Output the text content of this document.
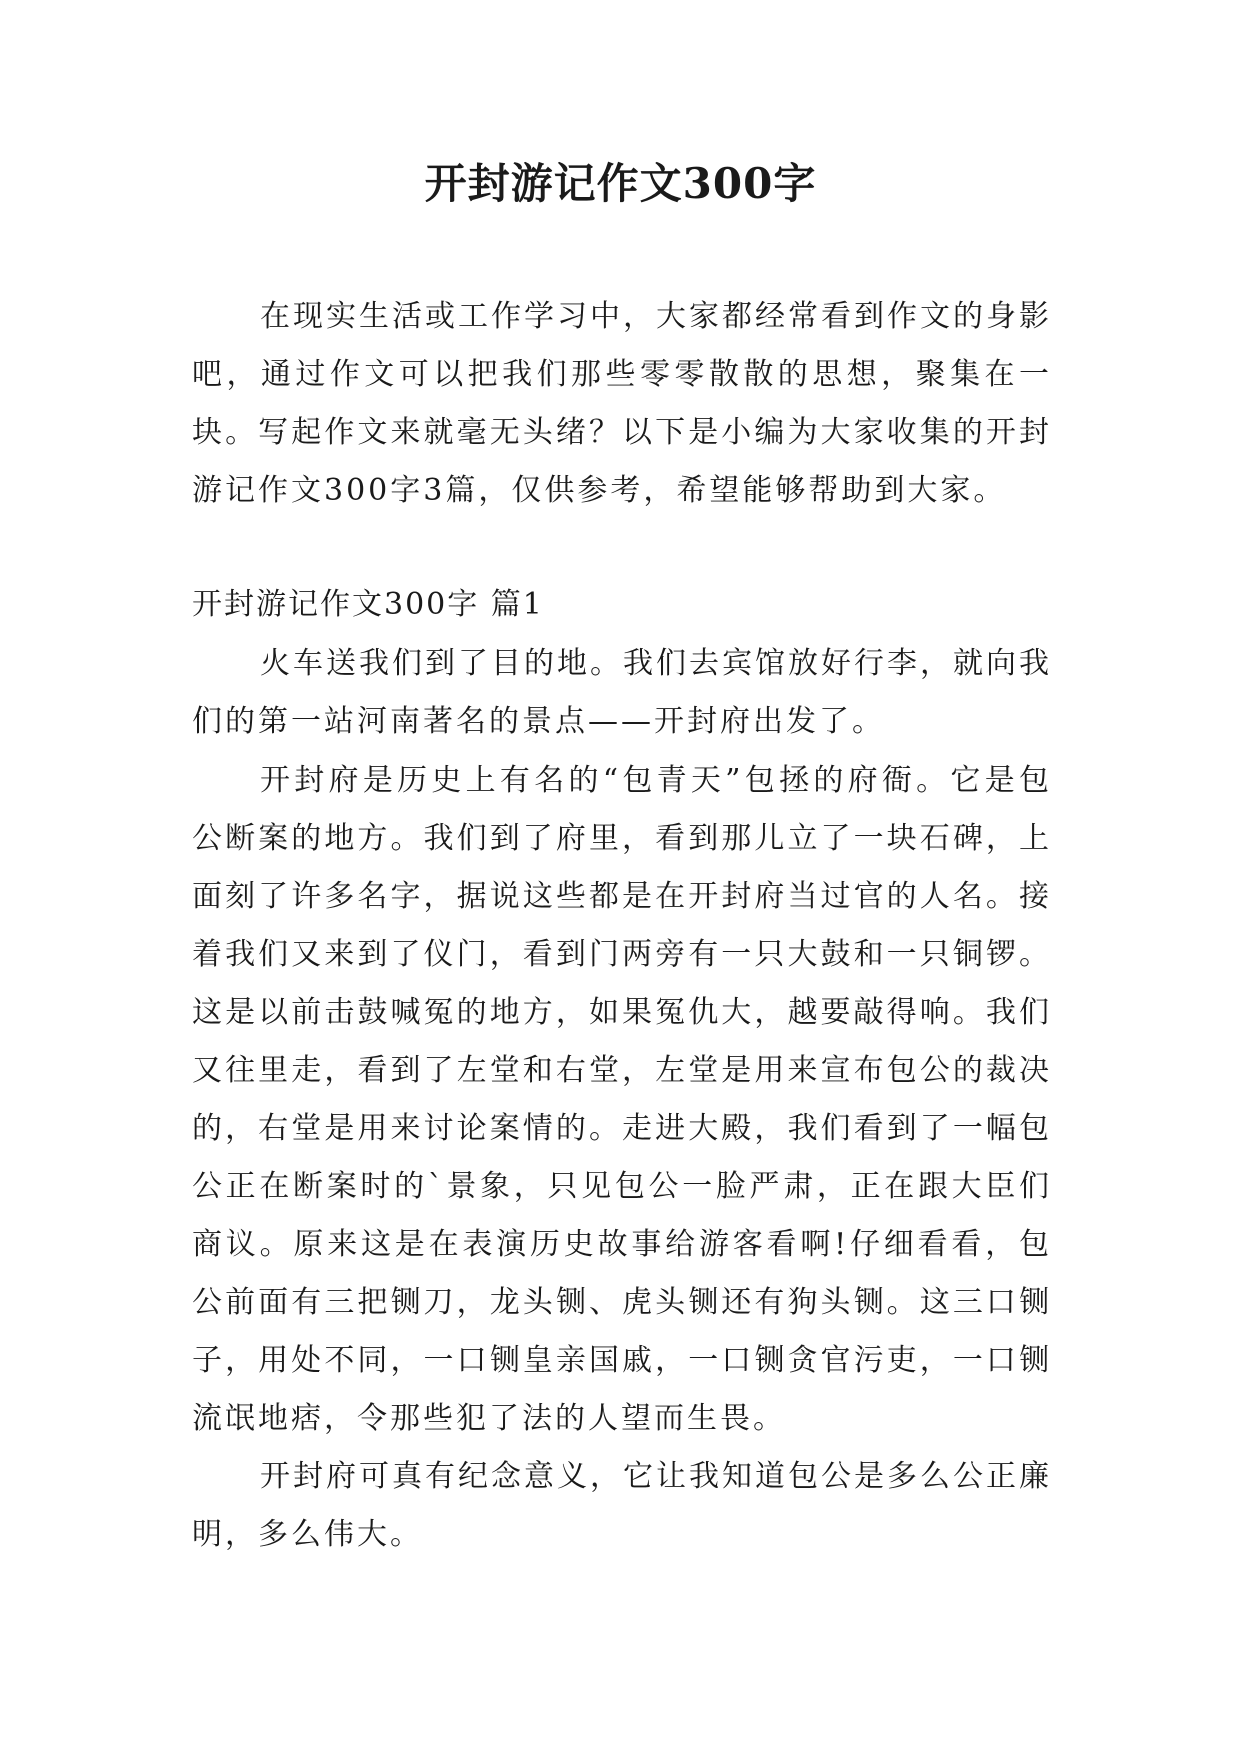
开封游记作文300字

在现实生活或工作学习中，大家都经常看到作文的身影吧，通过作文可以把我们那些零零散散的思想，聚集在一块。写起作文来就毫无头绪？以下是小编为大家收集的开封游记作文300字3篇，仅供参考，希望能够帮助到大家。

开封游记作文300字 篇1

火车送我们到了目的地。我们去宾馆放好行李，就向我们的第一站河南著名的景点——开封府出发了。

开封府是历史上有名的“包青天”包拯的府衙。它是包公断案的地方。我们到了府里，看到那儿立了一块石碑，上面刻了许多名字，据说这些都是在开封府当过官的人名。接着我们又来到了仪门，看到门两旁有一只大鼓和一只铜锣。这是以前击鼓喊冤的地方，如果冤仇大，越要敲得响。我们又往里走，看到了左堂和右堂，左堂是用来宣布包公的裁决的，右堂是用来讨论案情的。走进大殿，我们看到了一幅包公正在断案时的`景象，只见包公一脸严肃，正在跟大臣们商议。原来这是在表演历史故事给游客看啊!仔细看看，包公前面有三把铡刀，龙头铡、虎头铡还有狗头铡。这三口铡子，用处不同，一口铡皇亲国戚，一口铡贪官污吏，一口铡流氓地痞，令那些犯了法的人望而生畏。

开封府可真有纪念意义，它让我知道包公是多么公正廉明，多么伟大。
